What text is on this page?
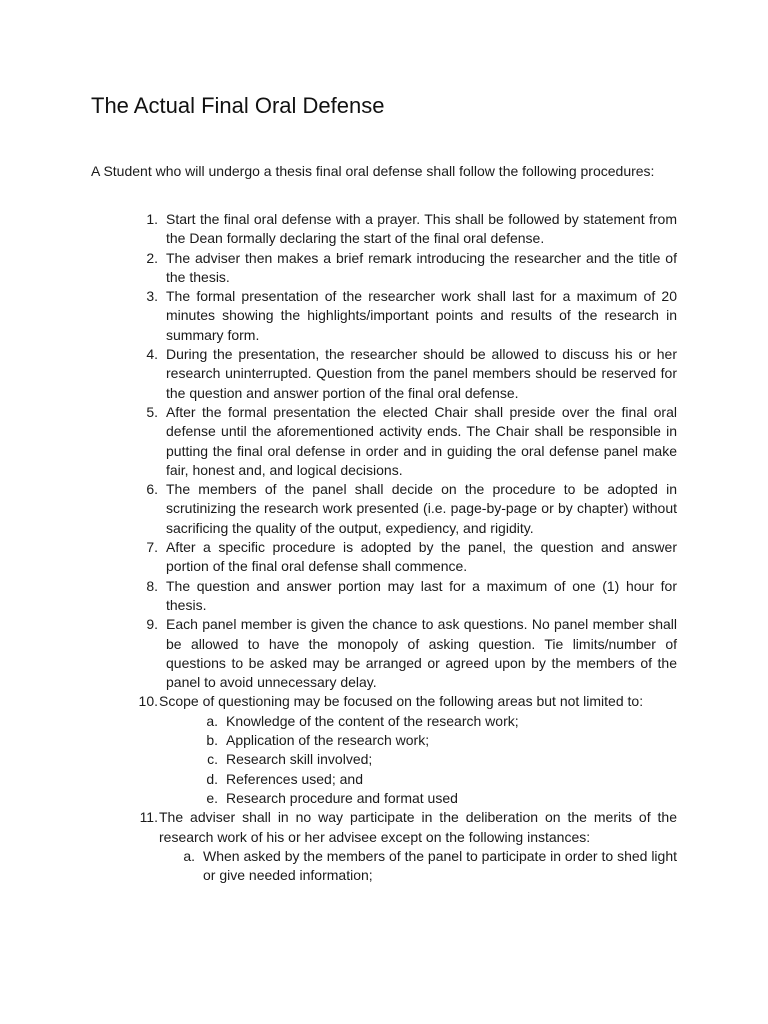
The Actual Final Oral Defense

A Student who will undergo a thesis final oral defense shall follow the following procedures:

1. Start the final oral defense with a prayer. This shall be followed by statement from the Dean formally declaring the start of the final oral defense.
2. The adviser then makes a brief remark introducing the researcher and the title of the thesis.
3. The formal presentation of the researcher work shall last for a maximum of 20 minutes showing the highlights/important points and results of the research in summary form.
4. During the presentation, the researcher should be allowed to discuss his or her research uninterrupted. Question from the panel members should be reserved for the question and answer portion of the final oral defense.
5. After the formal presentation the elected Chair shall preside over the final oral defense until the aforementioned activity ends. The Chair shall be responsible in putting the final oral defense in order and in guiding the oral defense panel make fair, honest and, and logical decisions.
6. The members of the panel shall decide on the procedure to be adopted in scrutinizing the research work presented (i.e. page-by-page or by chapter) without sacrificing the quality of the output, expediency, and rigidity.
7. After a specific procedure is adopted by the panel, the question and answer portion of the final oral defense shall commence.
8. The question and answer portion may last for a maximum of one (1) hour for thesis.
9. Each panel member is given the chance to ask questions. No panel member shall be allowed to have the monopoly of asking question. Tie limits/number of questions to be asked may be arranged or agreed upon by the members of the panel to avoid unnecessary delay.
10. Scope of questioning may be focused on the following areas but not limited to:
a. Knowledge of the content of the research work;
b. Application of the research work;
c. Research skill involved;
d. References used; and
e. Research procedure and format used
11. The adviser shall in no way participate in the deliberation on the merits of the research work of his or her advisee except on the following instances:
a. When asked by the members of the panel to participate in order to shed light or give needed information;
